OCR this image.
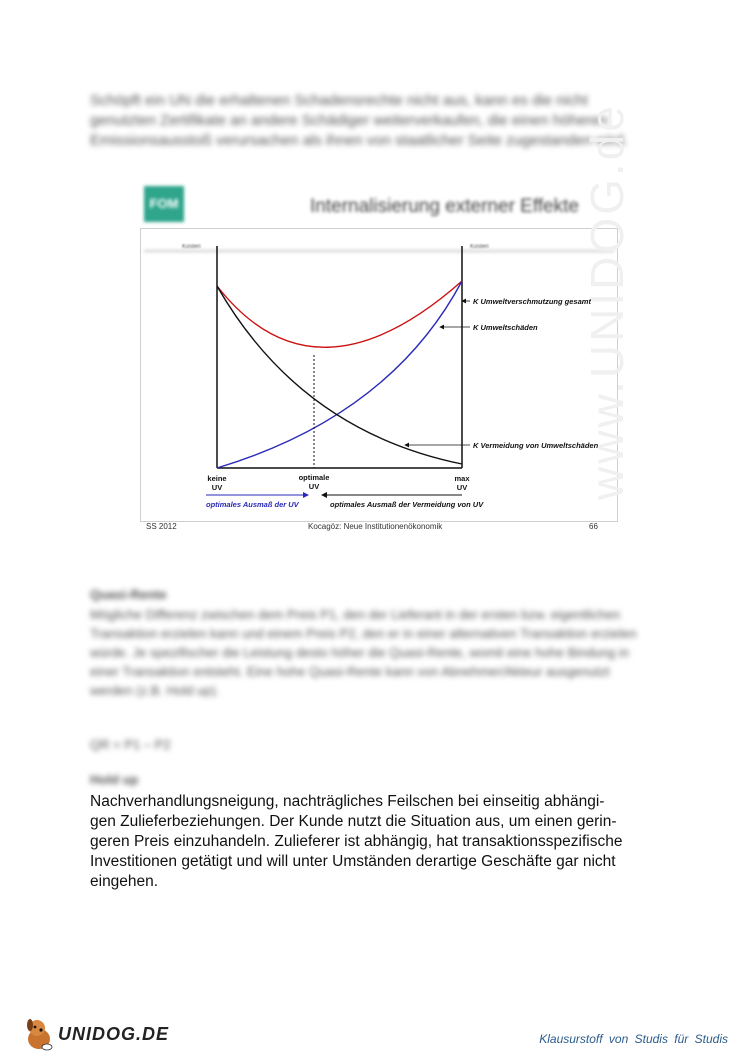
Schöpft ein UN die erhaltenen Schadensrechte nicht aus, kann es die nicht genutzten Zertifikate an andere Schädiger weiterverkaufen, die einen höheren Emissionsausstoß verursachen als ihnen von staatlicher Seite zugestanden wird.
FOM	Internalisierung externer Effekte
Kosten	Kosten
K Umweltverschmutzung gesamt
K Umweltschäden
K Vermeidung von Umweltschäden
keine
UV
optimale
UV
max
UV
optimales Ausmaß der UV	optimales Ausmaß der Vermeidung von UV
SS 2012	Kocagöz: Neue Institutionenökonomik	66
Quasi-Rente
Mögliche Differenz zwischen dem Preis P1, den der Lieferant in der ersten bzw. eigentlichen Transaktion erzielen kann und einem Preis P2, den er in einer alternativen Transaktion erzielen würde. Je spezifischer die Leistung desto höher die Quasi-Rente, womit eine hohe Bindung in einer Transaktion entsteht. Eine hohe Quasi-Rente kann von Abnehmer/Akteur ausgenutzt werden (z.B. Hold up).
QR = P1 – P2
Hold up
Nachverhandlungsneigung, nachträgliches Feilschen bei einseitig abhängi-
gen Zulieferbeziehungen. Der Kunde nutzt die Situation aus, um einen gerin-
geren Preis einzuhandeln. Zulieferer ist abhängig, hat transaktionsspezifische
Investitionen getätigt und will unter Umständen derartige Geschäfte gar nicht
eingehen.
www.UNIDOG.de
UNIDOG.DE	Klausurstoff von Studis für Studis
